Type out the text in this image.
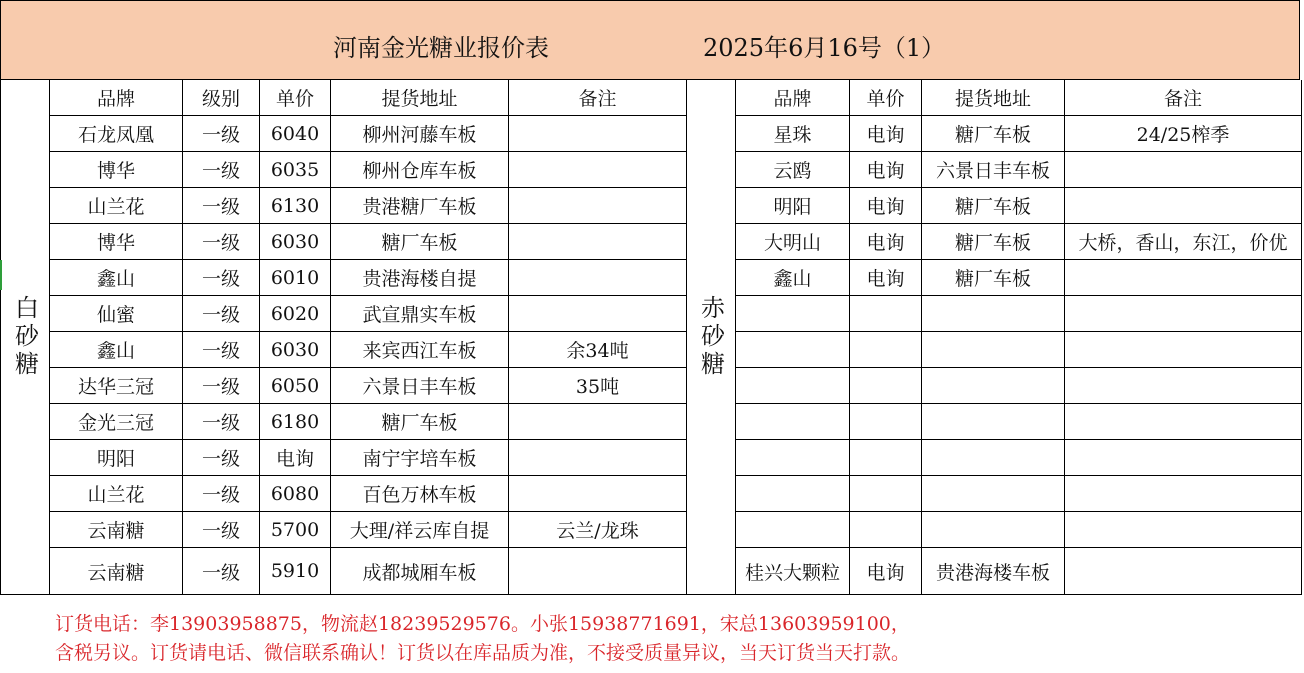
河南金光糖业报价表	2025年6月16号（1）
白砂糖	赤砂糖
品牌	级别	单价	提货地址	备注
石龙凤凰	一级	6040	柳州河藤车板
博华	一级	6035	柳州仓库车板
山兰花	一级	6130	贵港糖厂车板
博华	一级	6030	糖厂车板
鑫山	一级	6010	贵港海楼自提
仙蜜	一级	6020	武宣鼎实车板
鑫山	一级	6030	来宾西江车板	余34吨
达华三冠	一级	6050	六景日丰车板	35吨
金光三冠	一级	6180	糖厂车板
明阳	一级	电询	南宁宇培车板
山兰花	一级	6080	百色万林车板
云南糖	一级	5700	大理/祥云库自提	云兰/龙珠
云南糖	一级	5910	成都城厢车板
品牌	单价	提货地址	备注
星珠	电询	糖厂车板	24/25榨季
云鸥	电询	六景日丰车板
明阳	电询	糖厂车板
大明山	电询	糖厂车板	大桥，香山，东江，价优
鑫山	电询	糖厂车板
桂兴大颗粒	电询	贵港海楼车板
订货电话：李13903958875，物流赵18239529576。小张15938771691，宋总13603959100，
含税另议。订货请电话、微信联系确认！订货以在库品质为准，不接受质量异议，当天订货当天打款。
